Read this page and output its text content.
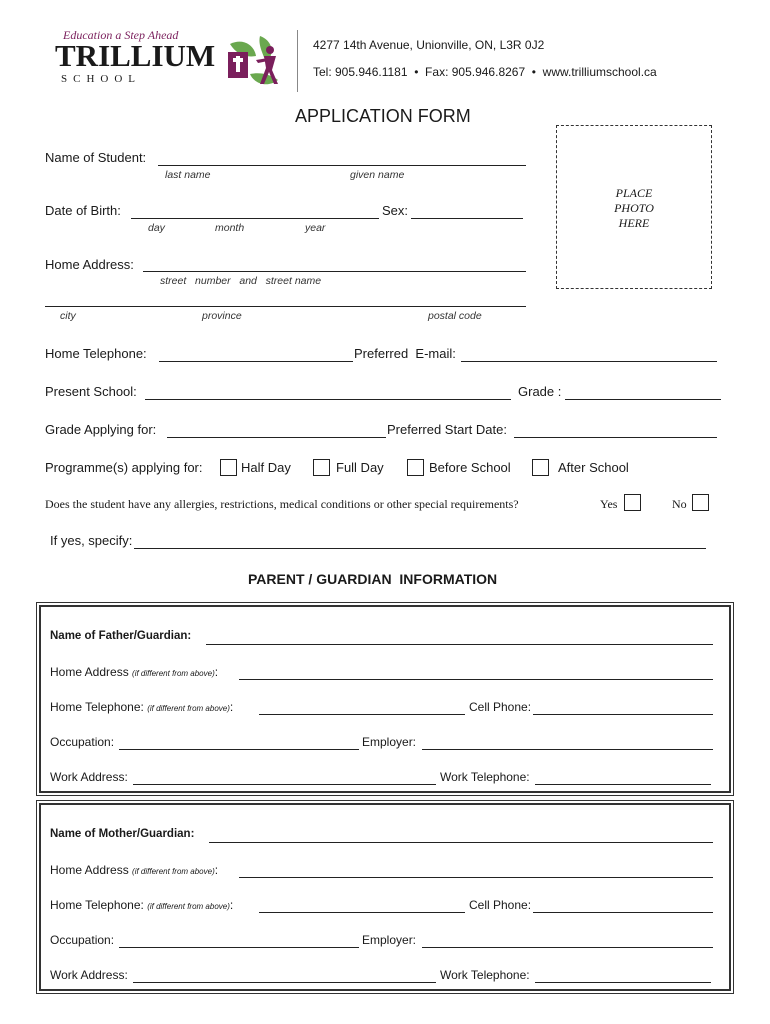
Education a Step Ahead
TRILLIUM
SCHOOL
4277 14th Avenue, Unionville, ON, L3R 0J2
Tel: 905.946.1181  •  Fax: 905.946.8267  •  www.trilliumschool.ca
APPLICATION FORM
PLACE
PHOTO
HERE
Name of Student:
last name	given name
Date of Birth:
day	month	year
Sex:
Home Address:
street   number   and   street name
city	province	postal code
Home Telephone:	Preferred  E-mail:
Present School:	Grade :
Grade Applying for:	Preferred Start Date:
Programme(s) applying for:	Half Day	Full Day	Before School	After School
Does the student have any allergies, restrictions, medical conditions or other special requirements?	Yes	No
If yes, specify:
PARENT / GUARDIAN  INFORMATION
Name of Father/Guardian:
Home Address (if different from above):
Home Telephone: (if different from above):	Cell Phone:
Occupation:	Employer:
Work Address:	Work Telephone:
Name of Mother/Guardian:
Home Address (if different from above):
Home Telephone: (if different from above):	Cell Phone:
Occupation:	Employer:
Work Address:	Work Telephone:
